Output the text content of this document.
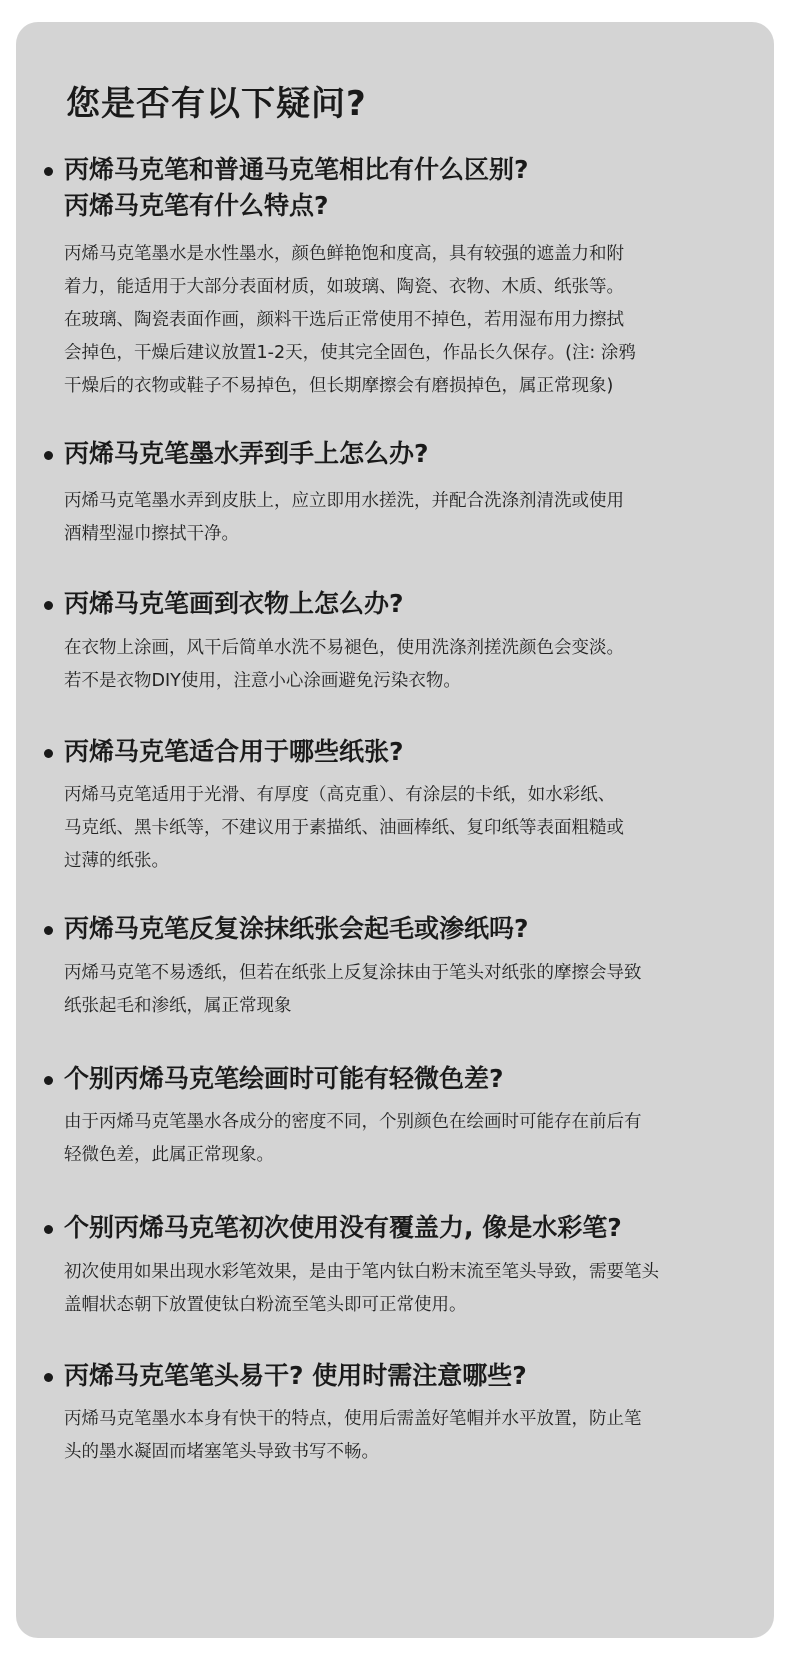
您是否有以下疑问?
丙烯马克笔和普通马克笔相比有什么区别?
丙烯马克笔有什么特点?
丙烯马克笔墨水是水性墨水，颜色鲜艳饱和度高，具有较强的遮盖力和附
着力，能适用于大部分表面材质，如玻璃、陶瓷、衣物、木质、纸张等。
在玻璃、陶瓷表面作画，颜料干选后正常使用不掉色，若用湿布用力擦拭
会掉色，干燥后建议放置1-2天，使其完全固色，作品长久保存。(注: 涂鸦
干燥后的衣物或鞋子不易掉色，但长期摩擦会有磨损掉色，属正常现象)
丙烯马克笔墨水弄到手上怎么办?
丙烯马克笔墨水弄到皮肤上，应立即用水搓洗，并配合洗涤剂清洗或使用
酒精型湿巾擦拭干净。
丙烯马克笔画到衣物上怎么办?
在衣物上涂画，风干后简单水洗不易褪色，使用洗涤剂搓洗颜色会变淡。
若不是衣物DIY使用，注意小心涂画避免污染衣物。
丙烯马克笔适合用于哪些纸张?
丙烯马克笔适用于光滑、有厚度（高克重）、有涂层的卡纸，如水彩纸、
马克纸、黑卡纸等，不建议用于素描纸、油画棒纸、复印纸等表面粗糙或
过薄的纸张。
丙烯马克笔反复涂抹纸张会起毛或渗纸吗?
丙烯马克笔不易透纸，但若在纸张上反复涂抹由于笔头对纸张的摩擦会导致
纸张起毛和渗纸，属正常现象
个别丙烯马克笔绘画时可能有轻微色差?
由于丙烯马克笔墨水各成分的密度不同，个别颜色在绘画时可能存在前后有
轻微色差，此属正常现象。
个别丙烯马克笔初次使用没有覆盖力, 像是水彩笔?
初次使用如果出现水彩笔效果，是由于笔内钛白粉末流至笔头导致，需要笔头
盖帽状态朝下放置使钛白粉流至笔头即可正常使用。
丙烯马克笔笔头易干? 使用时需注意哪些?
丙烯马克笔墨水本身有快干的特点，使用后需盖好笔帽并水平放置，防止笔
头的墨水凝固而堵塞笔头导致书写不畅。
